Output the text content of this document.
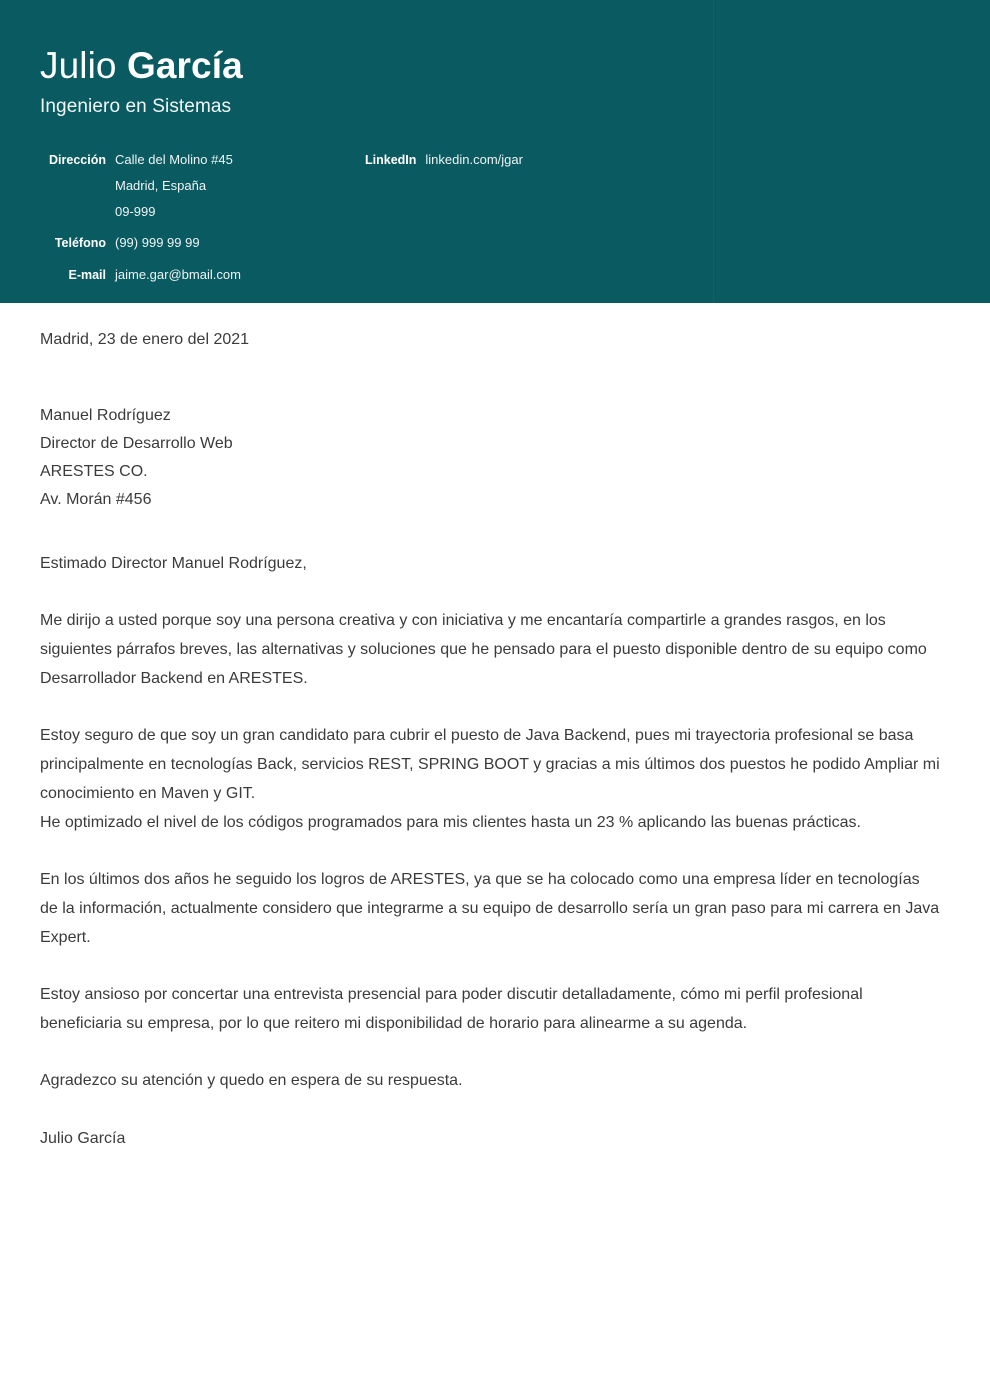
Julio García
Ingeniero en Sistemas
Dirección Calle del Molino #45
Madrid, España
09-999
Teléfono (99) 999 99 99
E-mail jaime.gar@bmail.com
LinkedIn linkedin.com/jgar
Madrid, 23 de enero del 2021
Manuel Rodríguez
Director de Desarrollo Web
ARESTES CO.
Av. Morán #456
Estimado Director Manuel Rodríguez,

Me dirijo a usted porque soy una persona creativa y con iniciativa y me encantaría compartirle a grandes rasgos, en los siguientes párrafos breves, las alternativas y soluciones que he pensado para el puesto disponible dentro de su equipo como Desarrollador Backend en ARESTES.

Estoy seguro de que soy un gran candidato para cubrir el puesto de Java Backend, pues mi trayectoria profesional se basa principalmente en tecnologías Back, servicios REST, SPRING BOOT y gracias a mis últimos dos puestos he podido Ampliar mi conocimiento en Maven y GIT.
He optimizado el nivel de los códigos programados para mis clientes hasta un 23 % aplicando las buenas prácticas.

En los últimos dos años he seguido los logros de ARESTES, ya que se ha colocado como una empresa líder en tecnologías de la información, actualmente considero que integrarme a su equipo de desarrollo sería un gran paso para mi carrera en Java Expert.

Estoy ansioso por concertar una entrevista presencial para poder discutir detalladamente, cómo mi perfil profesional beneficiaria su empresa, por lo que reitero mi disponibilidad de horario para alinearme a su agenda.

Agradezco su atención y quedo en espera de su respuesta.

Julio García
